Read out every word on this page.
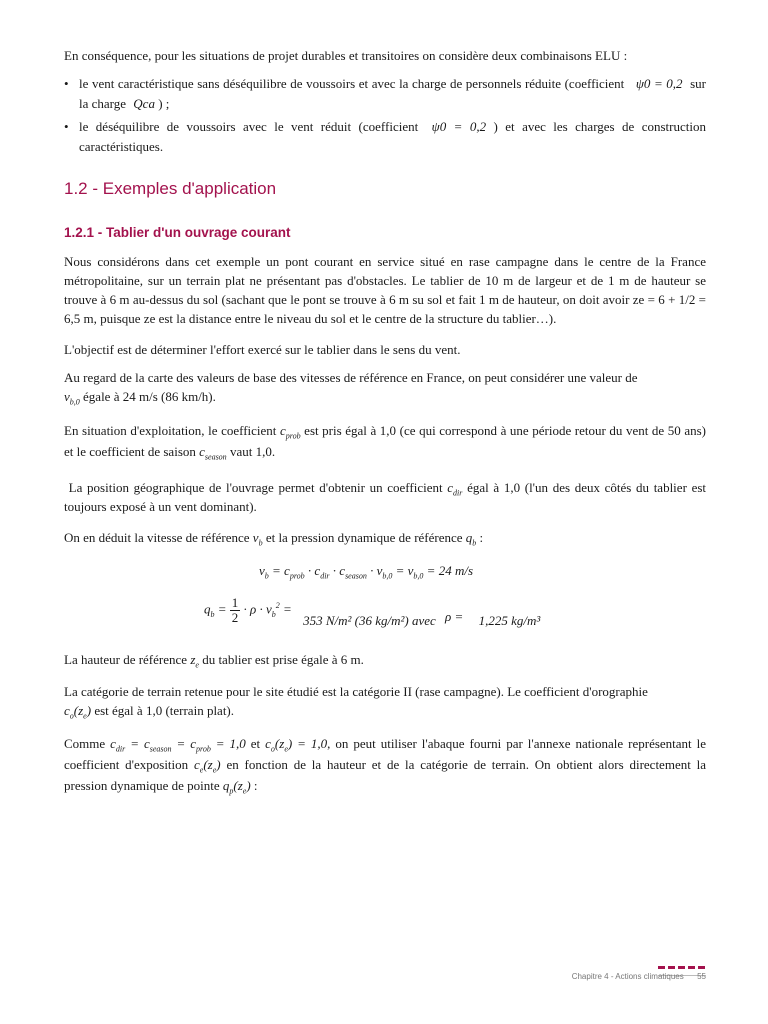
En conséquence, pour les situations de projet durables et transitoires on considère deux combinaisons ELU :

• le vent caractéristique sans déséquilibre de voussoirs et avec la charge de personnels réduite (coefficient ψ0 = 0,2 sur la charge Qca ) ;
• le déséquilibre de voussoirs avec le vent réduit (coefficient ψ0 = 0,2 ) et avec les charges de construction caractéristiques.
1.2 - Exemples d'application
1.2.1 - Tablier d'un ouvrage courant

Nous considérons dans cet exemple un pont courant en service situé en rase campagne dans le centre de la France métropolitaine, sur un terrain plat ne présentant pas d'obstacles. Le tablier de 10 m de largeur et de 1 m de hauteur se trouve à 6 m au-dessus du sol (sachant que le pont se trouve à 6 m su sol et fait 1 m de hauteur, on doit avoir ze = 6 + 1/2 = 6,5 m, puisque ze est la distance entre le niveau du sol et le centre de la structure du tablier…).

L'objectif est de déterminer l'effort exercé sur le tablier dans le sens du vent.

Au regard de la carte des valeurs de base des vitesses de référence en France, on peut considérer une valeur de
$v_{b,0}$ égale à 24 m/s (86 km/h).

En situation d'exploitation, le coefficient $c_{prob}$ est pris égal à 1,0 (ce qui correspond à une période retour du vent de 50 ans) et le coefficient de saison $c_{season}$ vaut 1,0.

La position géographique de l'ouvrage permet d'obtenir un coefficient $c_{dir}$ égal à 1,0 (l'un des deux côtés du tablier est toujours exposé à un vent dominant).

On en déduit la vitesse de référence $v_b$ et la pression dynamique de référence $q_b$ :

$v_b = c_{prob} \cdot c_{dir} \cdot c_{season} \cdot v_{b,0} = v_{b,0} = 24$ m/s
$q_b = \frac{1}{2} \cdot \rho \cdot v_b^2 = 353$ N/m² (36 kg/m²) avec ρ = 1,225 kg/m³

La hauteur de référence $z_e$ du tablier est prise égale à 6 m.

La catégorie de terrain retenue pour le site étudié est la catégorie II (rase campagne). Le coefficient d'orographie
$c_o(z_e)$ est égal à 1,0 (terrain plat).

Comme $c_{dir} = c_{season} = c_{prob} = 1,0$ et $c_o(z_e) = 1,0$, on peut utiliser l'abaque fourni par l'annexe nationale représentant le coefficient d'exposition $c_e(z_e)$ en fonction de la hauteur et de la catégorie de terrain. On obtient alors directement la pression dynamique de pointe $q_p(z_e)$ :

Chapitre 4 - Actions climatiques 55
